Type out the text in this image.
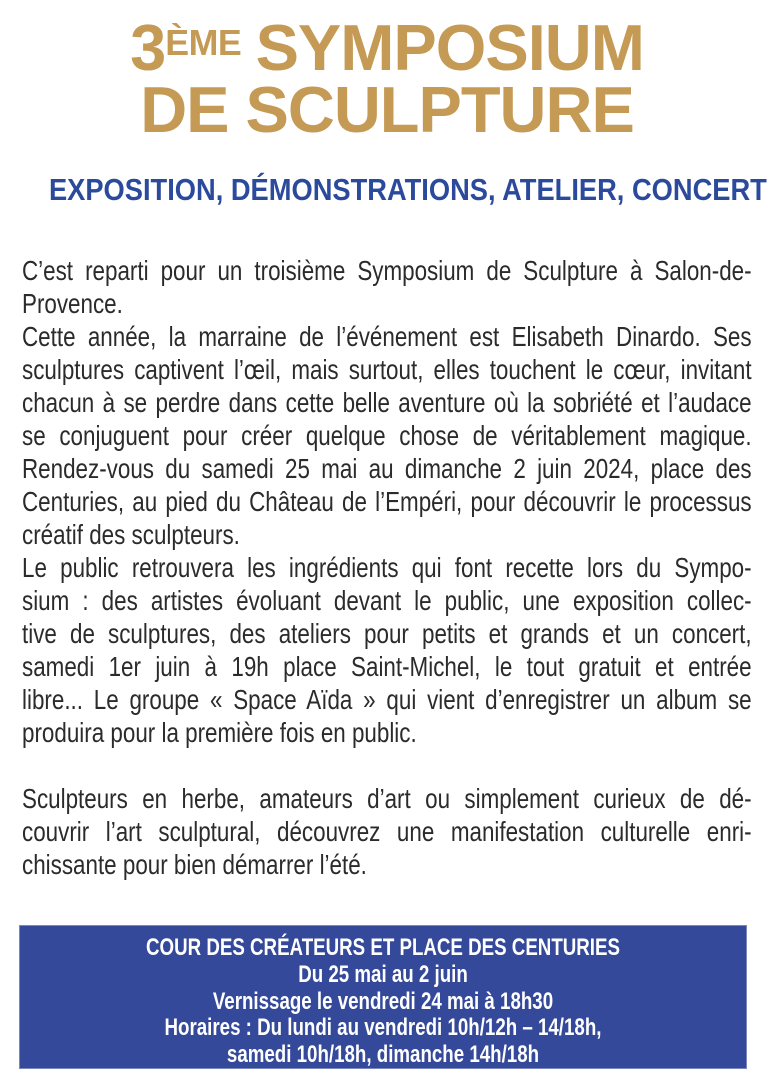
3ÈME SYMPOSIUM
DE SCULPTURE
EXPOSITION, DÉMONSTRATIONS, ATELIER, CONCERT
C’est reparti pour un troisième Symposium de Sculpture à Salon-de-
Provence.
Cette année, la marraine de l’événement est Elisabeth Dinardo. Ses
sculptures captivent l’œil, mais surtout, elles touchent le cœur, invitant
chacun à se perdre dans cette belle aventure où la sobriété et l’audace
se conjuguent pour créer quelque chose de véritablement magique.
Rendez-vous du samedi 25 mai au dimanche 2 juin 2024, place des
Centuries, au pied du Château de l’Empéri, pour découvrir le processus
créatif des sculpteurs.
Le public retrouvera les ingrédients qui font recette lors du Sympo-
sium : des artistes évoluant devant le public, une exposition collec-
tive de sculptures, des ateliers pour petits et grands et un concert,
samedi 1er juin à 19h place Saint-Michel, le tout gratuit et entrée
libre... Le groupe « Space Aïda » qui vient d’enregistrer un album se
produira pour la première fois en public.
Sculpteurs en herbe, amateurs d’art ou simplement curieux de dé-
couvrir l’art sculptural, découvrez une manifestation culturelle enri-
chissante pour bien démarrer l’été.
COUR DES CRÉATEURS ET PLACE DES CENTURIES
Du 25 mai au 2 juin
Vernissage le vendredi 24 mai à 18h30
Horaires : Du lundi au vendredi 10h/12h – 14/18h,
samedi 10h/18h, dimanche 14h/18h
